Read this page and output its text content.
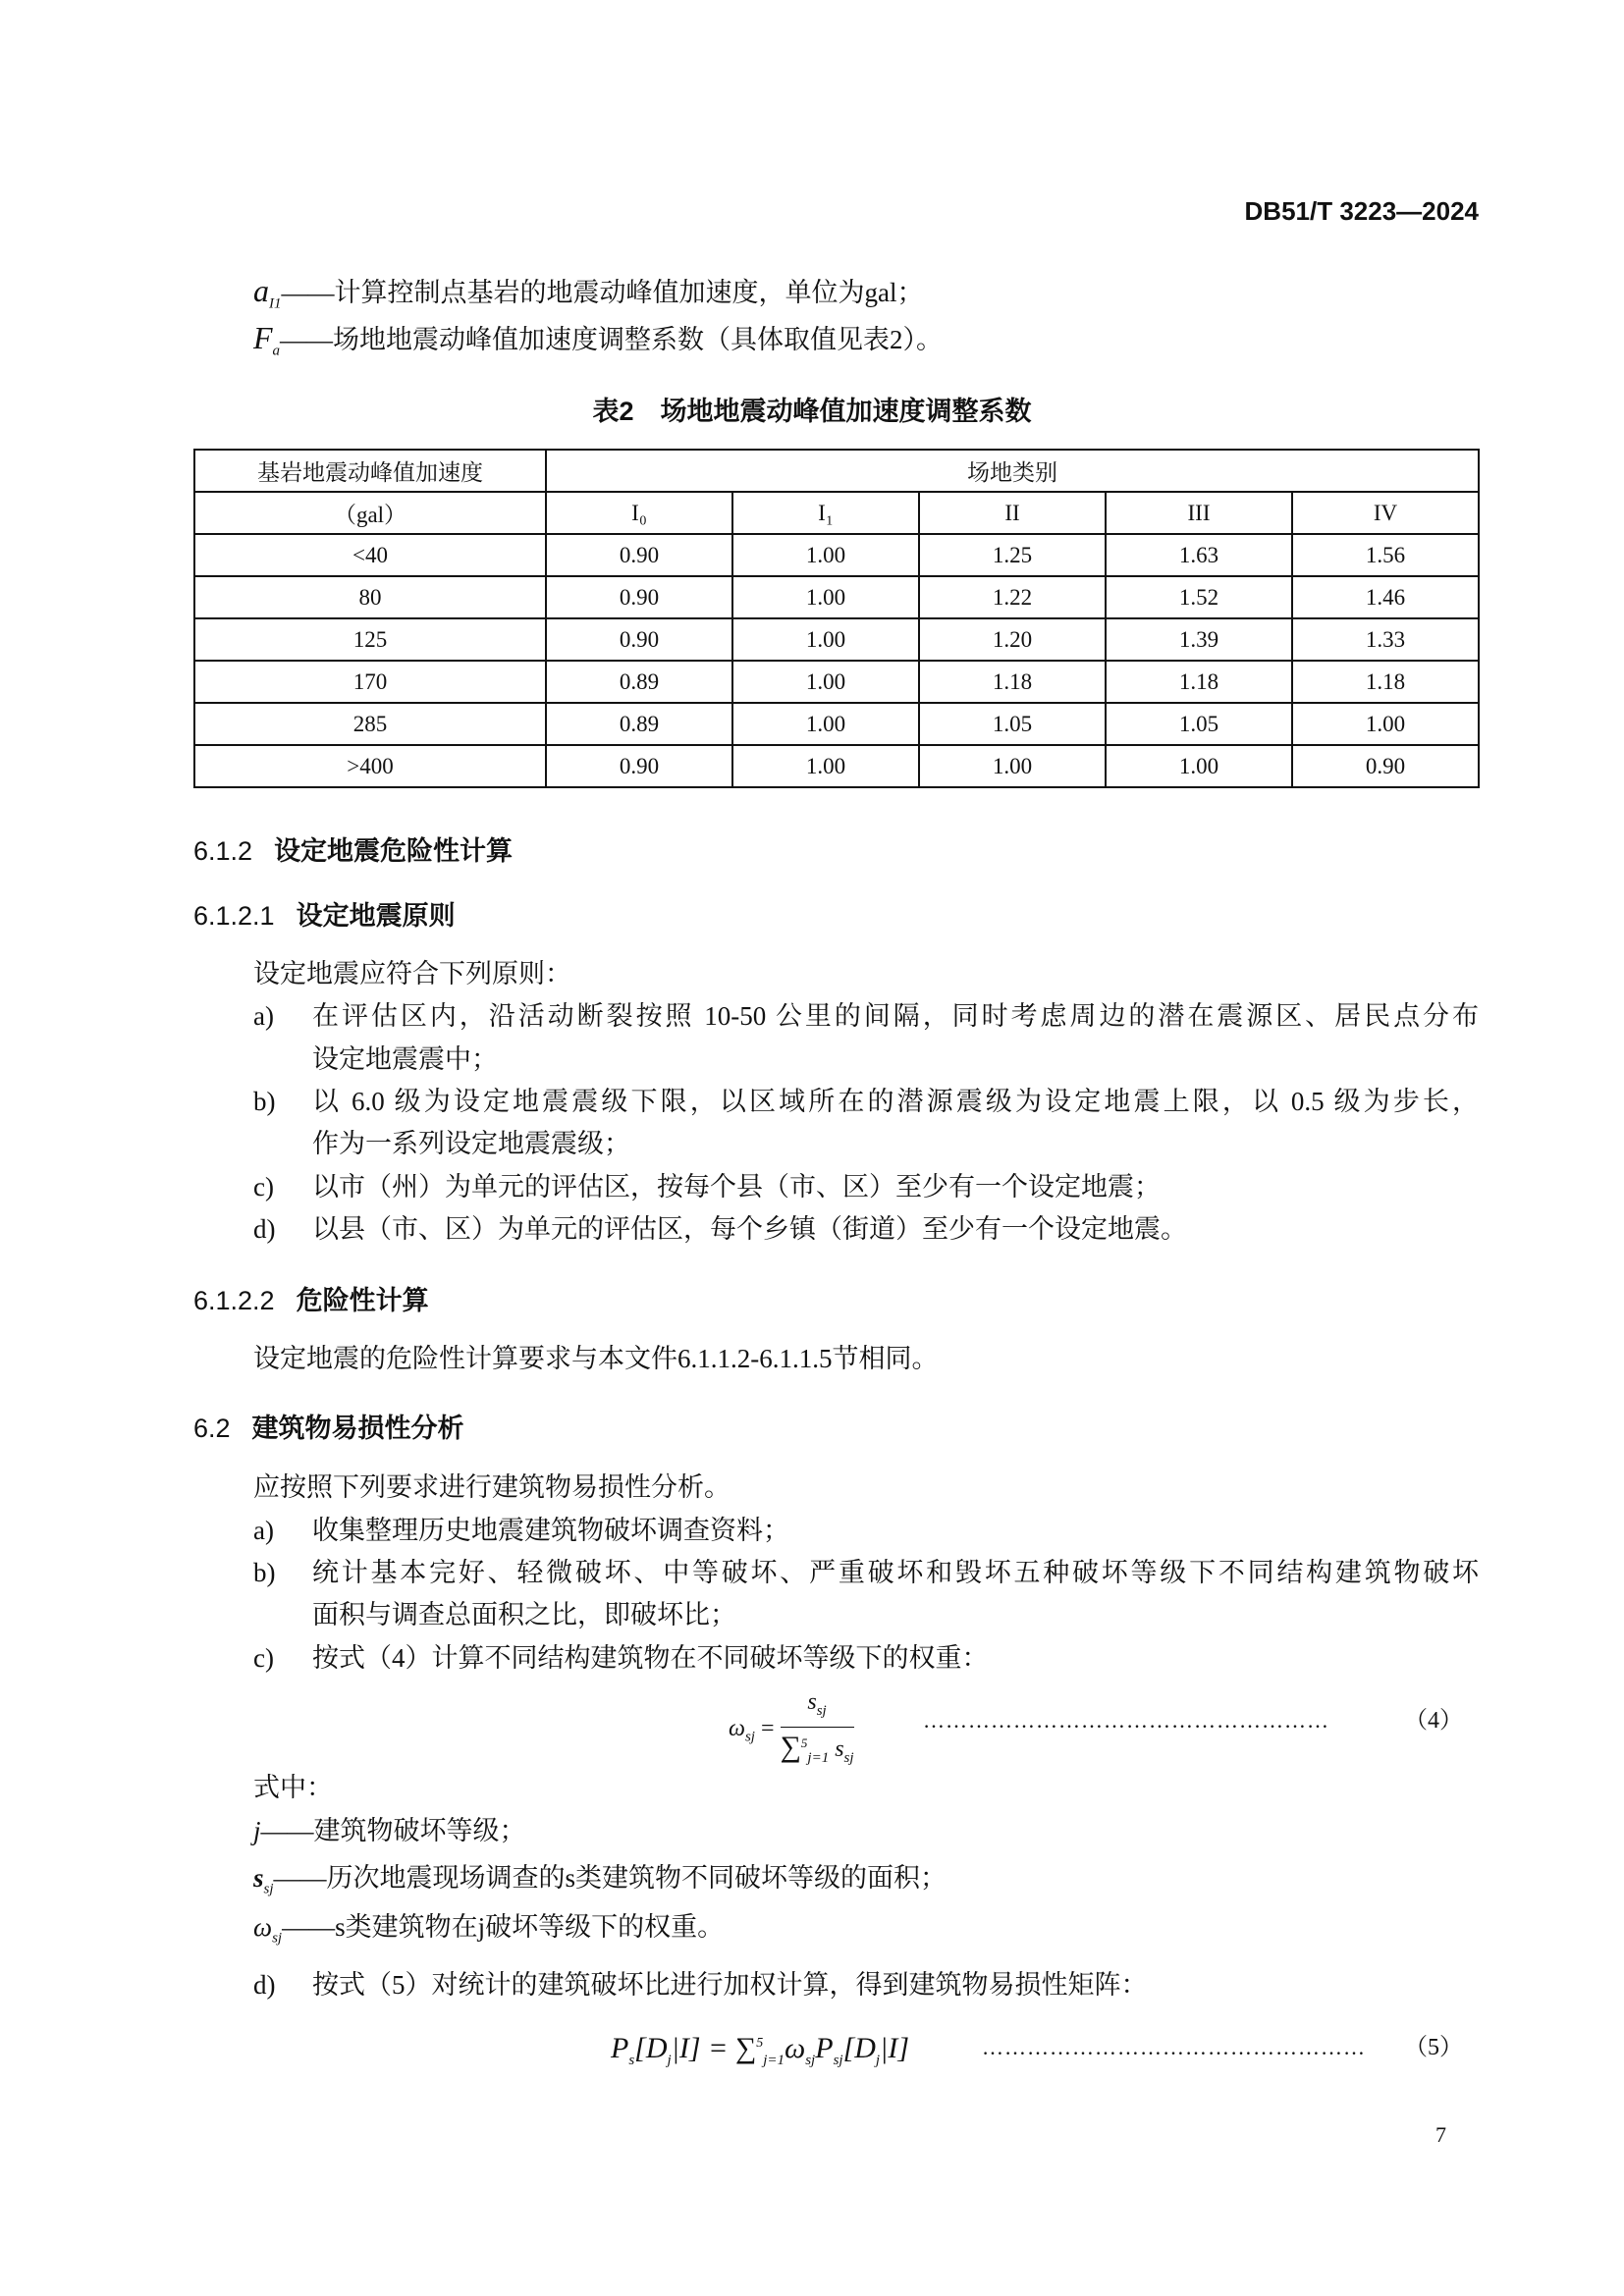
DB51/T 3223—2024
$a_{I1}——$计算控制点基岩的地震动峰值加速度，单位为gal；
$F_a——$场地地震动峰值加速度调整系数（具体取值见表2）。
表2　场地地震动峰值加速度调整系数
基岩地震动峰值加速度	场地类别				
（gal）	I₀	I₁	II	III	IV
<40	0.90	1.00	1.25	1.63	1.56
80	0.90	1.00	1.22	1.52	1.46
125	0.90	1.00	1.20	1.39	1.33
170	0.89	1.00	1.18	1.18	1.18
285	0.89	1.00	1.05	1.05	1.00
>400	0.90	1.00	1.00	1.00	0.90
6.1.2 设定地震危险性计算
6.1.2.1 设定地震原则
设定地震应符合下列原则：
a) 在评估区内，沿活动断裂按照 10-50 公里的间隔，同时考虑周边的潜在震源区、居民点分布
设定地震震中；
b) 以 6.0 级为设定地震震级下限，以区域所在的潜源震级为设定地震上限，以 0.5 级为步长，
作为一系列设定地震震级；
c) 以市（州）为单元的评估区，按每个县（市、区）至少有一个设定地震；
d) 以县（市、区）为单元的评估区，每个乡镇（街道）至少有一个设定地震。
6.1.2.2 危险性计算
设定地震的危险性计算要求与本文件6.1.1.2-6.1.1.5节相同。
6.2 建筑物易损性分析
应按照下列要求进行建筑物易损性分析。
a) 收集整理历史地震建筑物破坏调查资料；
b) 统计基本完好、轻微破坏、中等破坏、严重破坏和毁坏五种破坏等级下不同结构建筑物破坏
面积与调查总面积之比，即破坏比；
c) 按式（4）计算不同结构建筑物在不同破坏等级下的权重：
$\omega_{sj} = \frac{s_{sj}}{\sum^5_{j=1} s_{sj}}$	………………………………………………	（4）
式中：
j——建筑物破坏等级；
$s_{sj}——$历次地震现场调查的s类建筑物不同破坏等级的面积；
$\omega_{sj}——s$类建筑物在j破坏等级下的权重。
d) 按式（5）对统计的建筑破坏比进行加权计算，得到建筑物易损性矩阵：
$P_s[D_j|I] = \sum^5_{j=1}\omega_{sj}P_{sj}[D_j|I]$	…………………………………………… （5）
7
